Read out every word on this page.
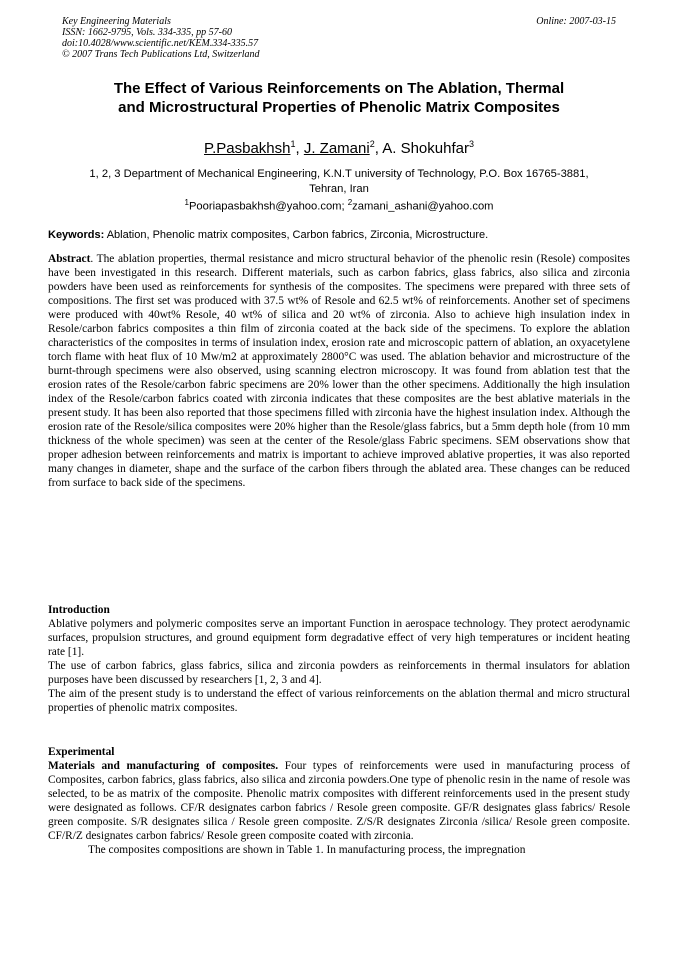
Key Engineering Materials
ISSN: 1662-9795, Vols. 334-335, pp 57-60
doi:10.4028/www.scientific.net/KEM.334-335.57
© 2007 Trans Tech Publications Ltd, Switzerland
Online: 2007-03-15
The Effect of Various Reinforcements on The Ablation, Thermal
and Microstructural Properties of Phenolic Matrix Composites
P.Pasbakhsh$^1$, J. Zamani$^2$, A. Shokuhfar$^3$
1, 2, 3 Department of Mechanical Engineering, K.N.T university of Technology, P.O. Box 16765-3881,
Tehran, Iran
$^1$Pooriapasbakhsh@yahoo.com; $^2$zamani_ashani@yahoo.com
Keywords: Ablation, Phenolic matrix composites, Carbon fabrics, Zirconia, Microstructure.

Abstract. The ablation properties, thermal resistance and micro structural behavior of the phenolic resin (Resole) composites have been investigated in this research. Different materials, such as carbon fabrics, glass fabrics, also silica and zirconia powders have been used as reinforcements for synthesis of the composites. The specimens were prepared with three sets of compositions. The first set was produced with 37.5 wt% of Resole and 62.5 wt% of reinforcements. Another set of specimens were produced with 40wt% Resole, 40 wt% of silica and 20 wt% of zirconia. Also to achieve high insulation index in Resole/carbon fabrics composites a thin film of zirconia coated at the back side of the specimens. To explore the ablation characteristics of the composites in terms of insulation index, erosion rate and microscopic pattern of ablation, an oxyacetylene torch flame with heat flux of 10 Mw/m2 at approximately 2800°C was used. The ablation behavior and microstructure of the burnt-through specimens were also observed, using scanning electron microscopy. It was found from ablation test that the erosion rates of the Resole/carbon fabric specimens are 20% lower than the other specimens. Additionally the high insulation index of the Resole/carbon fabrics coated with zirconia indicates that these composites are the best ablative materials in the present study. It has been also reported that those specimens filled with zirconia have the highest insulation index. Although the erosion rate of the Resole/silica composites were 20% higher than the Resole/glass fabrics, but a 5mm depth hole (from 10 mm thickness of the whole specimen) was seen at the center of the Resole/glass Fabric specimens. SEM observations show that proper adhesion between reinforcements and matrix is important to achieve improved ablative properties, it was also reported many changes in diameter, shape and the surface of the carbon fibers through the ablated area. These changes can be reduced from surface to back side of the specimens.

Introduction

Ablative polymers and polymeric composites serve an important Function in aerospace technology. They protect aerodynamic surfaces, propulsion structures, and ground equipment form degradative effect of very high temperatures or incident heating rate [1].

The use of carbon fabrics, glass fabrics, silica and zirconia powders as reinforcements in thermal insulators for ablation purposes have been discussed by researchers [1, 2, 3 and 4].

The aim of the present study is to understand the effect of various reinforcements on the ablation thermal and micro structural properties of phenolic matrix composites.

Experimental

Materials and manufacturing of composites. Four types of reinforcements were used in manufacturing process of Composites, carbon fabrics, glass fabrics, also silica and zirconia powders.One type of phenolic resin in the name of resole was selected, to be as matrix of the composite. Phenolic matrix composites with different reinforcements used in the present study were designated as follows. CF/R designates carbon fabrics / Resole green composite. GF/R designates glass fabrics/ Resole green composite. S/R designates silica / Resole green composite. Z/S/R designates Zirconia /silica/ Resole green composite. CF/R/Z designates carbon fabrics/ Resole green composite coated with zirconia.

The composites compositions are shown in Table 1. In manufacturing process, the impregnation
